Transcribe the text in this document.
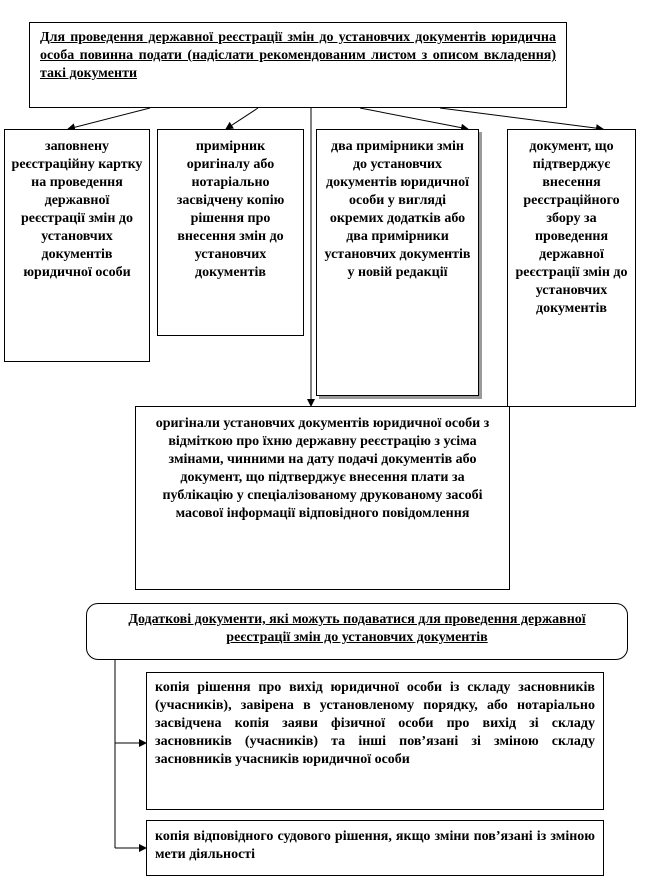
Для проведення державної реєстрації змін до установчих документів юридична особа повинна подати (надіслати рекомендованим листом з описом вкладення) такі документи
заповнену реєстраційну картку на проведення державної реєстрації змін до установчих документів юридичної особи
примірник оригіналу або нотаріально засвідчену копію рішення про внесення змін до установчих документів
два примірники змін до установчих документів юридичної особи у вигляді окремих додатків або два примірники установчих документів у новій редакції
документ, що підтверджує внесення реєстраційного збору за проведення державної реєстрації змін до установчих документів
оригінали установчих документів юридичної особи з відміткою про їхню державну реєстрацію з усіма змінами, чинними на дату подачі документів або документ, що підтверджує внесення плати за публікацію у спеціалізованому друкованому засобі масової інформації відповідного повідомлення
Додаткові документи, які можуть подаватися для проведення державної реєстрації змін до установчих документів
копія рішення про вихід юридичної особи із складу засновників (учасників), завірена в установленому порядку, або нотаріально засвідчена копія заяви фізичної особи про вихід зі складу засновників (учасників) та інші пов’язані зі зміною складу засновників учасників юридичної особи
копія відповідного судового рішення, якщо зміни пов’язані із зміною мети діяльності
